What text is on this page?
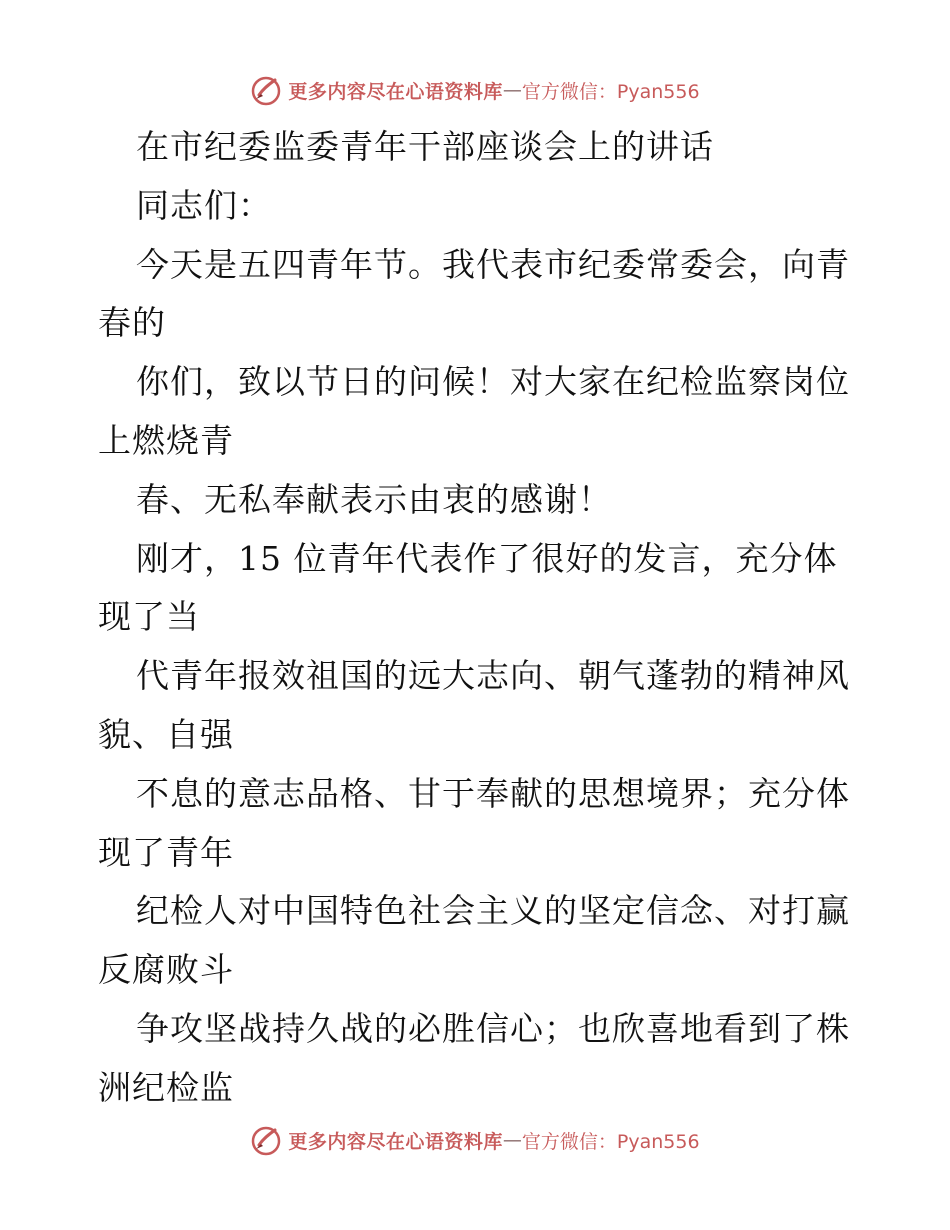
更多内容尽在心语资料库 — 官方微信：Pyan556
在市纪委监委青年干部座谈会上的讲话
同志们：
今天是五四青年节。我代表市纪委常委会，向青
春的
你们，致以节日的问候！对大家在纪检监察岗位
上燃烧青
春、无私奉献表示由衷的感谢！
刚才，15 位青年代表作了很好的发言，充分体
现了当
代青年报效祖国的远大志向、朝气蓬勃的精神风
貌、自强
不息的意志品格、甘于奉献的思想境界；充分体
现了青年
纪检人对中国特色社会主义的坚定信念、对打赢
反腐败斗
争攻坚战持久战的必胜信心；也欣喜地看到了株
洲纪检监
更多内容尽在心语资料库 — 官方微信：Pyan556
